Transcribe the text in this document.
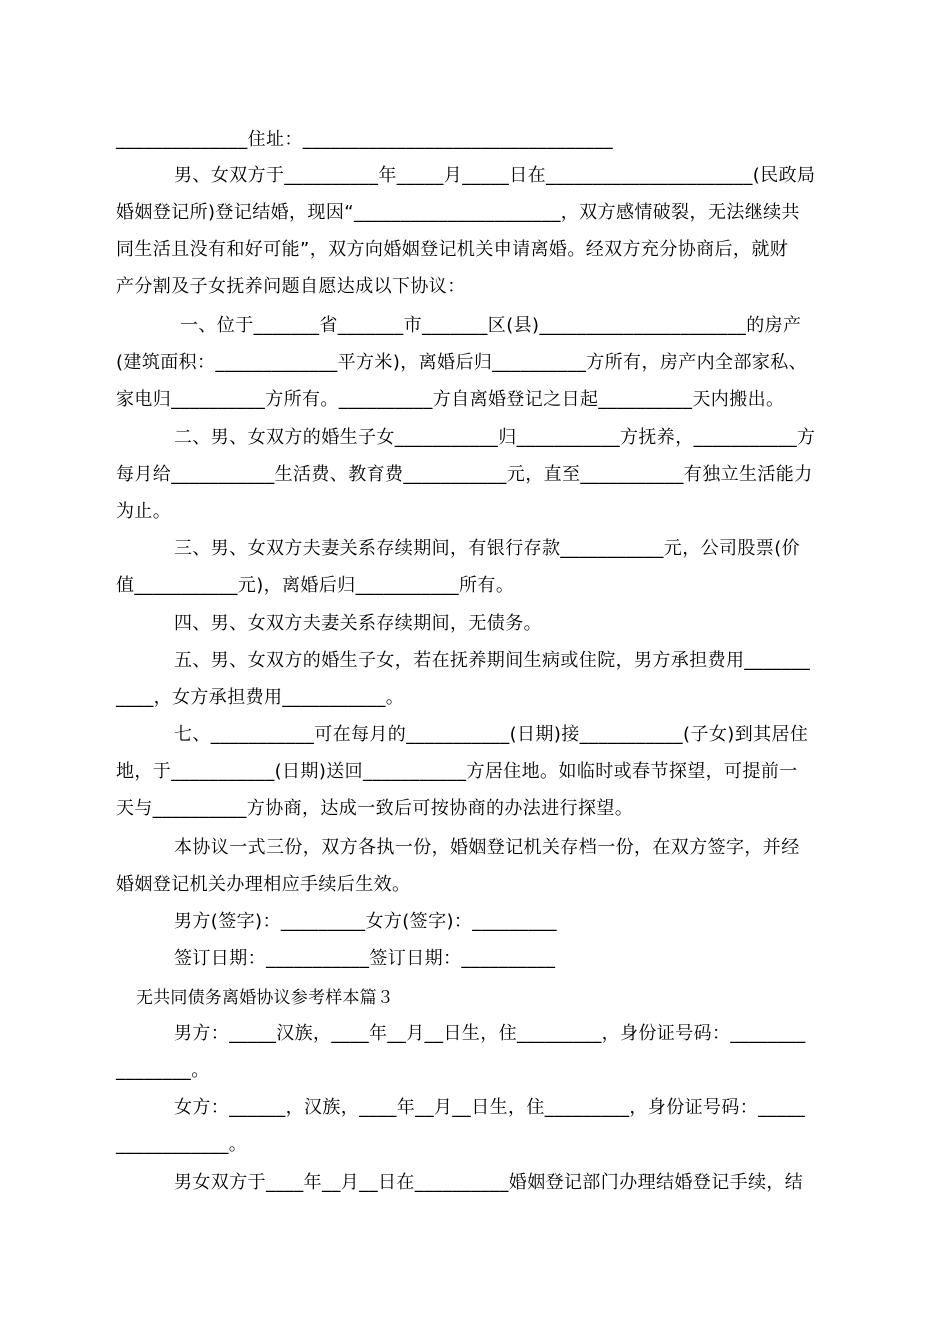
______________住址：_________________________________
男、女双方于__________年_____月_____日在______________________(民政局
婚姻登记所)登记结婚，现因“______________________，双方感情破裂，无法继续共
同生活且没有和好可能”，双方向婚姻登记机关申请离婚。经双方充分协商后，就财
产分割及子女抚养问题自愿达成以下协议：
一、位于_______省_______市_______区(县)______________________的房产
(建筑面积：_____________平方米)，离婚后归__________方所有，房产内全部家私、
家电归__________方所有。__________方自离婚登记之日起__________天内搬出。
二、男、女双方的婚生子女___________归___________方抚养，___________方
每月给___________生活费、教育费___________元，直至___________有独立生活能力
为止。
三、男、女双方夫妻关系存续期间，有银行存款___________元，公司股票(价
值___________元)，离婚后归___________所有。
四、男、女双方夫妻关系存续期间，无债务。
五、男、女双方的婚生子女，若在抚养期间生病或住院，男方承担费用_______
____，女方承担费用___________。
七、___________可在每月的___________(日期)接___________(子女)到其居住
地，于___________(日期)送回___________方居住地。如临时或春节探望，可提前一
天与__________方协商，达成一致后可按协商的办法进行探望。
本协议一式三份，双方各执一份，婚姻登记机关存档一份，在双方签字，并经
婚姻登记机关办理相应手续后生效。
男方(签字)：_________女方(签字)：_________
签订日期：___________签订日期：__________
无共同债务离婚协议参考样本篇３
男方：_____汉族，____年__月__日生，住_________，身份证号码：________
________。
女方：______，汉族，____年__月__日生，住_________，身份证号码：_____
____________。
男女双方于____年__月__日在__________婚姻登记部门办理结婚登记手续，结
